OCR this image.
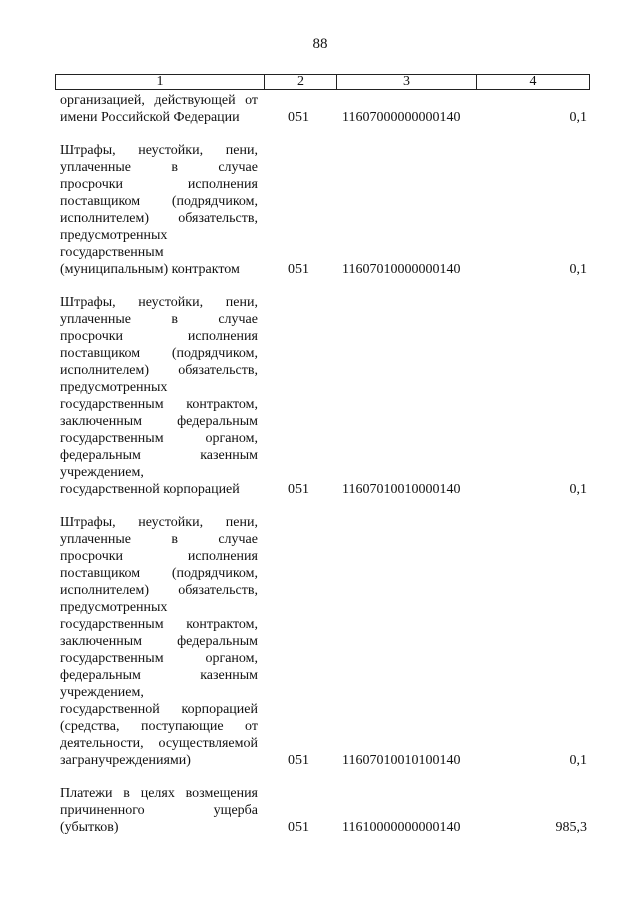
88
1	2	3	4
организацией, действующей от
имени Российской Федерации	051 11607000000000140	0,1
Штрафы, неустойки, пени,
уплаченные в случае
просрочки исполнения
поставщиком (подрядчиком,
исполнителем) обязательств,
предусмотренных
государственным
(муниципальным) контрактом	051 11607010000000140	0,1
Штрафы, неустойки, пени,
уплаченные в случае
просрочки исполнения
поставщиком (подрядчиком,
исполнителем) обязательств,
предусмотренных
государственным контрактом,
заключенным федеральным
государственным органом,
федеральным казенным
учреждением,
государственной корпорацией	051 11607010010000140	0,1
Штрафы, неустойки, пени,
уплаченные в случае
просрочки исполнения
поставщиком (подрядчиком,
исполнителем) обязательств,
предусмотренных
государственным контрактом,
заключенным федеральным
государственным органом,
федеральным казенным
учреждением,
государственной корпорацией
(средства, поступающие от
деятельности, осуществляемой
загранучреждениями)	051 11607010010100140	0,1
Платежи в целях возмещения
причиненного ущерба
(убытков)	051 11610000000000140	985,3
